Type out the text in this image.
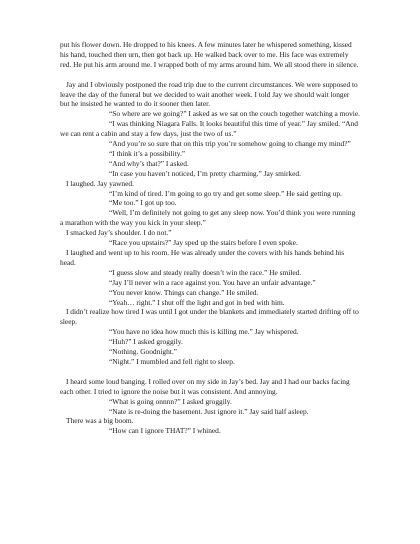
put his flower down. He dropped to his knees. A few minutes later he whispered something, kissed his hand, touched then urn, then got back up. He walked back over to me. His face was extremely red. He put his arm around me. I wrapped both of my arms around him. We all stood there in silence.

Jay and I obviously postponed the road trip due to the current circumstances. We were supposed to leave the day of the funeral but we decided to wait another week. I told Jay we should wait longer but he insisted he wanted to do it sooner then later.

“So where are we going?” I asked as we sat on the couch together watching a movie.

“I was thinking Niagara Falls. It looks beautiful this time of year.” Jay smiled. “And we can rent a cabin and stay a few days, just the two of us.”

“And you’re so sure that on this trip you’re somehow going to change my mind?”

“I think it’s a possibility.”

“And why’s that?” I asked.

“In case you haven’t noticed, I’m pretty charming.” Jay smirked.

I laughed. Jay yawned.

“I’m kind of tired. I’m going to go try and get some sleep.” He said getting up.

“Me too.” I got up too.

“Well, I’m definitely not going to get any sleep now. You’d think you were running a marathon with the way you kick in your sleep.”

I smacked Jay’s shoulder. I do not.”

“Race you upstairs?” Jay sped up the stairs before I even spoke.

I laughed and went up to his room. He was already under the covers with his hands behind his head.

“I guess slow and steady really doesn’t win the race.” He smiled.

“Jay I’ll never win a race against you. You have an unfair advantage.”

“You never know. Things can change.” He smiled.

“Yeah… right.” I shut off the light and got in bed with him.

I didn’t realize how tired I was until I got under the blankets and immediately started drifting off to sleep.

“You have no idea how much this is killing me.” Jay whispered.

“Huh?” I asked groggily.

“Nothing. Goodnight.”

“Night.” I mumbled and fell right to sleep.

I heard some loud banging. I rolled over on my side in Jay’s bed. Jay and I had our backs facing each other. I tried to ignore the noise but it was consistent. And annoying.

“What is going onnnn?” I asked groggily.

“Nate is re-doing the basement. Just ignore it.” Jay said half asleep.

There was a big boom.

“How can I ignore THAT?” I whined.
